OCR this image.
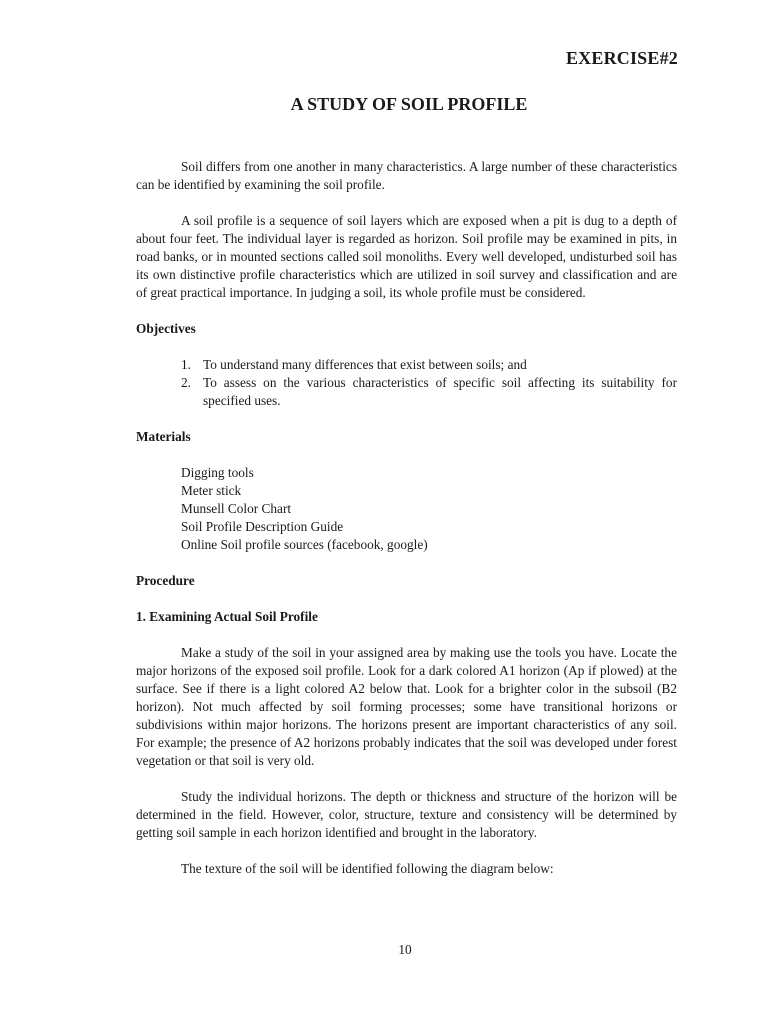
EXERCISE#2
A STUDY OF SOIL PROFILE

Soil differs from one another in many characteristics. A large number of these characteristics can be identified by examining the soil profile.

A soil profile is a sequence of soil layers which are exposed when a pit is dug to a depth of about four feet. The individual layer is regarded as horizon. Soil profile may be examined in pits, in road banks, or in mounted sections called soil monoliths. Every well developed, undisturbed soil has its own distinctive profile characteristics which are utilized in soil survey and classification and are of great practical importance. In judging a soil, its whole profile must be considered.

Objectives
1. To understand many differences that exist between soils; and
2. To assess on the various characteristics of specific soil affecting its suitability for specified uses.
Materials
Digging tools
Meter stick
Munsell Color Chart
Soil Profile Description Guide
Online Soil profile sources (facebook, google)
Procedure
1. Examining Actual Soil Profile

Make a study of the soil in your assigned area by making use the tools you have. Locate the major horizons of the exposed soil profile. Look for a dark colored A1 horizon (Ap if plowed) at the surface. See if there is a light colored A2 below that. Look for a brighter color in the subsoil (B2 horizon). Not much affected by soil forming processes; some have transitional horizons or subdivisions within major horizons. The horizons present are important characteristics of any soil. For example; the presence of A2 horizons probably indicates that the soil was developed under forest vegetation or that soil is very old.

Study the individual horizons. The depth or thickness and structure of the horizon will be determined in the field. However, color, structure, texture and consistency will be determined by getting soil sample in each horizon identified and brought in the laboratory.

The texture of the soil will be identified following the diagram below:

10
